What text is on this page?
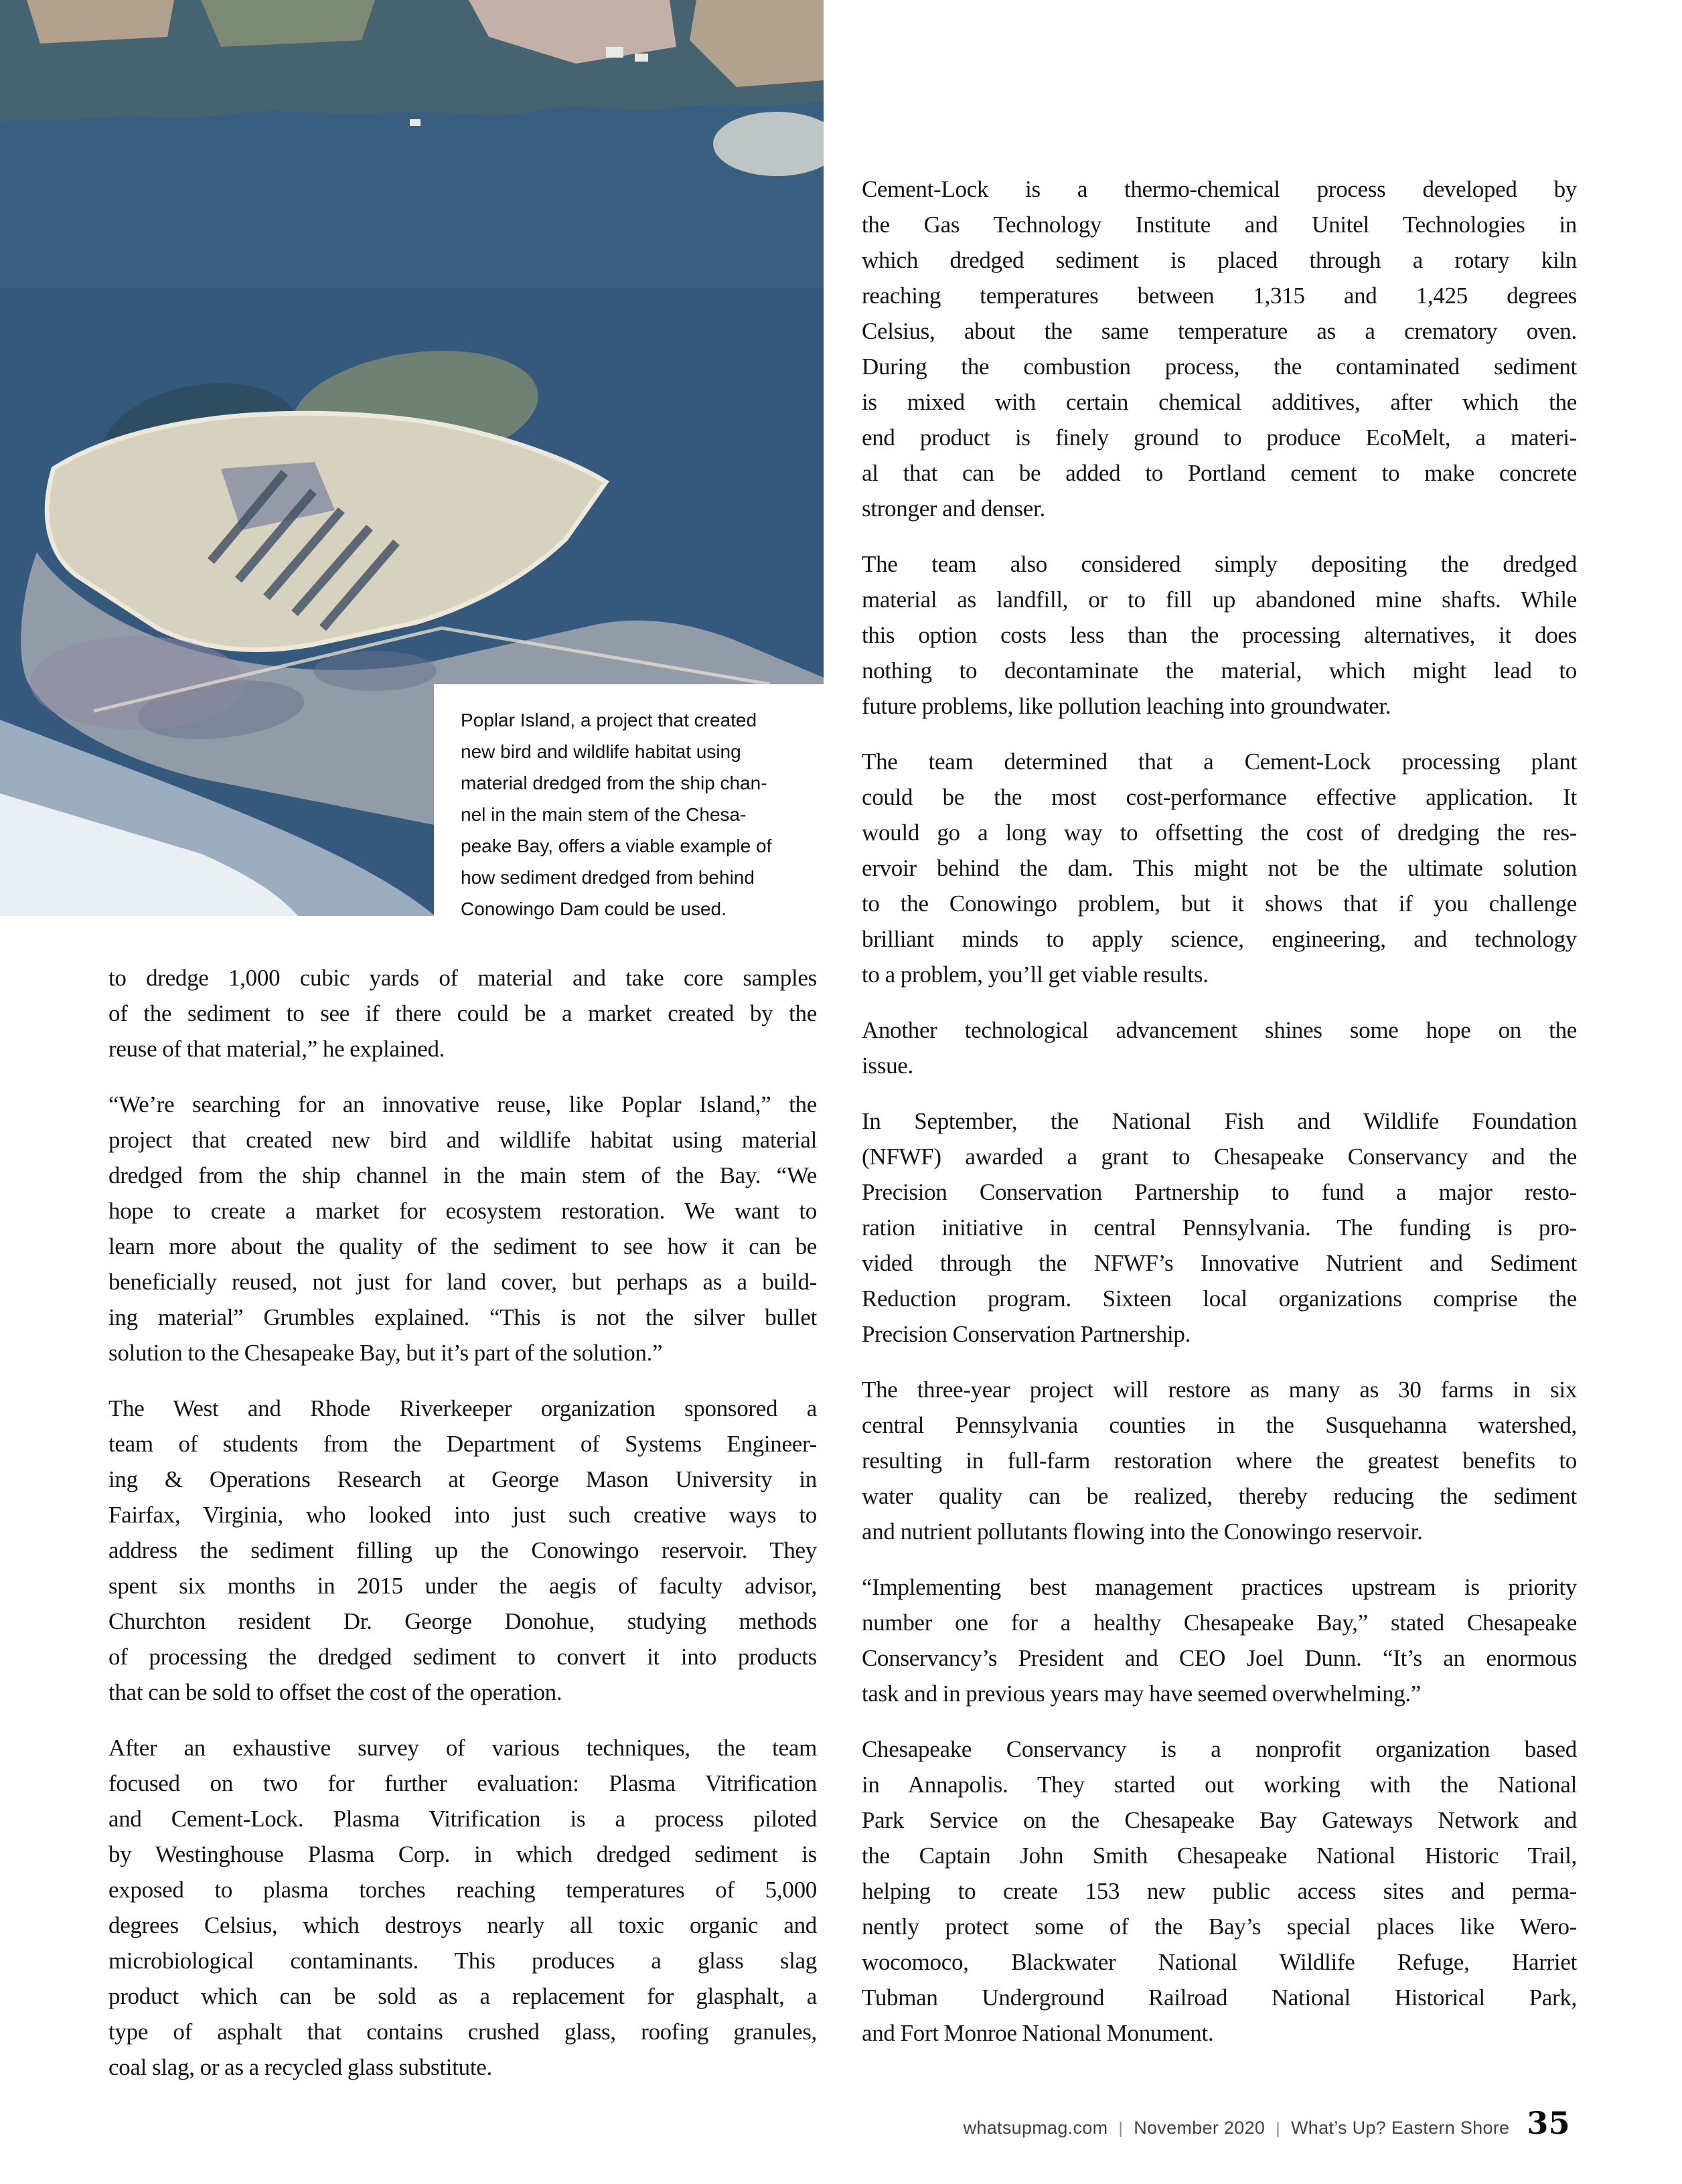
Poplar Island, a project that created
new bird and wildlife habitat using
material dredged from the ship chan-
nel in the main stem of the Chesa-
peake Bay, offers a viable example of
how sediment dredged from behind
Conowingo Dam could be used.
to dredge 1,000 cubic yards of material and take core samples
of the sediment to see if there could be a market created by the
reuse of that material,” he explained.
“We’re searching for an innovative reuse, like Poplar Island,” the
project that created new bird and wildlife habitat using material
dredged from the ship channel in the main stem of the Bay. “We
hope to create a market for ecosystem restoration. We want to
learn more about the quality of the sediment to see how it can be
beneficially reused, not just for land cover, but perhaps as a build-
ing material” Grumbles explained. “This is not the silver bullet
solution to the Chesapeake Bay, but it’s part of the solution.”
The West and Rhode Riverkeeper organization sponsored a
team of students from the Department of Systems Engineer-
ing & Operations Research at George Mason University in
Fairfax, Virginia, who looked into just such creative ways to
address the sediment filling up the Conowingo reservoir. They
spent six months in 2015 under the aegis of faculty advisor,
Churchton resident Dr. George Donohue, studying methods
of processing the dredged sediment to convert it into products
that can be sold to offset the cost of the operation.
After an exhaustive survey of various techniques, the team
focused on two for further evaluation: Plasma Vitrification
and Cement-Lock. Plasma Vitrification is a process piloted
by Westinghouse Plasma Corp. in which dredged sediment is
exposed to plasma torches reaching temperatures of 5,000
degrees Celsius, which destroys nearly all toxic organic and
microbiological contaminants. This produces a glass slag
product which can be sold as a replacement for glasphalt, a
type of asphalt that contains crushed glass, roofing granules,
coal slag, or as a recycled glass substitute.
Cement-Lock is a thermo-chemical process developed by
the Gas Technology Institute and Unitel Technologies in
which dredged sediment is placed through a rotary kiln
reaching temperatures between 1,315 and 1,425 degrees
Celsius, about the same temperature as a crematory oven.
During the combustion process, the contaminated sediment
is mixed with certain chemical additives, after which the
end product is finely ground to produce EcoMelt, a materi-
al that can be added to Portland cement to make concrete
stronger and denser.
The team also considered simply depositing the dredged
material as landfill, or to fill up abandoned mine shafts. While
this option costs less than the processing alternatives, it does
nothing to decontaminate the material, which might lead to
future problems, like pollution leaching into groundwater.
The team determined that a Cement-Lock processing plant
could be the most cost-performance effective application. It
would go a long way to offsetting the cost of dredging the res-
ervoir behind the dam. This might not be the ultimate solution
to the Conowingo problem, but it shows that if you challenge
brilliant minds to apply science, engineering, and technology
to a problem, you’ll get viable results.
Another technological advancement shines some hope on the
issue.
In September, the National Fish and Wildlife Foundation
(NFWF) awarded a grant to Chesapeake Conservancy and the
Precision Conservation Partnership to fund a major resto-
ration initiative in central Pennsylvania. The funding is pro-
vided through the NFWF’s Innovative Nutrient and Sediment
Reduction program. Sixteen local organizations comprise the
Precision Conservation Partnership.
The three-year project will restore as many as 30 farms in six
central Pennsylvania counties in the Susquehanna watershed,
resulting in full-farm restoration where the greatest benefits to
water quality can be realized, thereby reducing the sediment
and nutrient pollutants flowing into the Conowingo reservoir.
“Implementing best management practices upstream is priority
number one for a healthy Chesapeake Bay,” stated Chesapeake
Conservancy’s President and CEO Joel Dunn. “It’s an enormous
task and in previous years may have seemed overwhelming.”
Chesapeake Conservancy is a nonprofit organization based
in Annapolis. They started out working with the National
Park Service on the Chesapeake Bay Gateways Network and
the Captain John Smith Chesapeake National Historic Trail,
helping to create 153 new public access sites and perma-
nently protect some of the Bay’s special places like Wero-
wocomoco, Blackwater National Wildlife Refuge, Harriet
Tubman Underground Railroad National Historical Park,
and Fort Monroe National Monument.
whatsupmag.com | November 2020 | What’s Up? Eastern Shore 35
